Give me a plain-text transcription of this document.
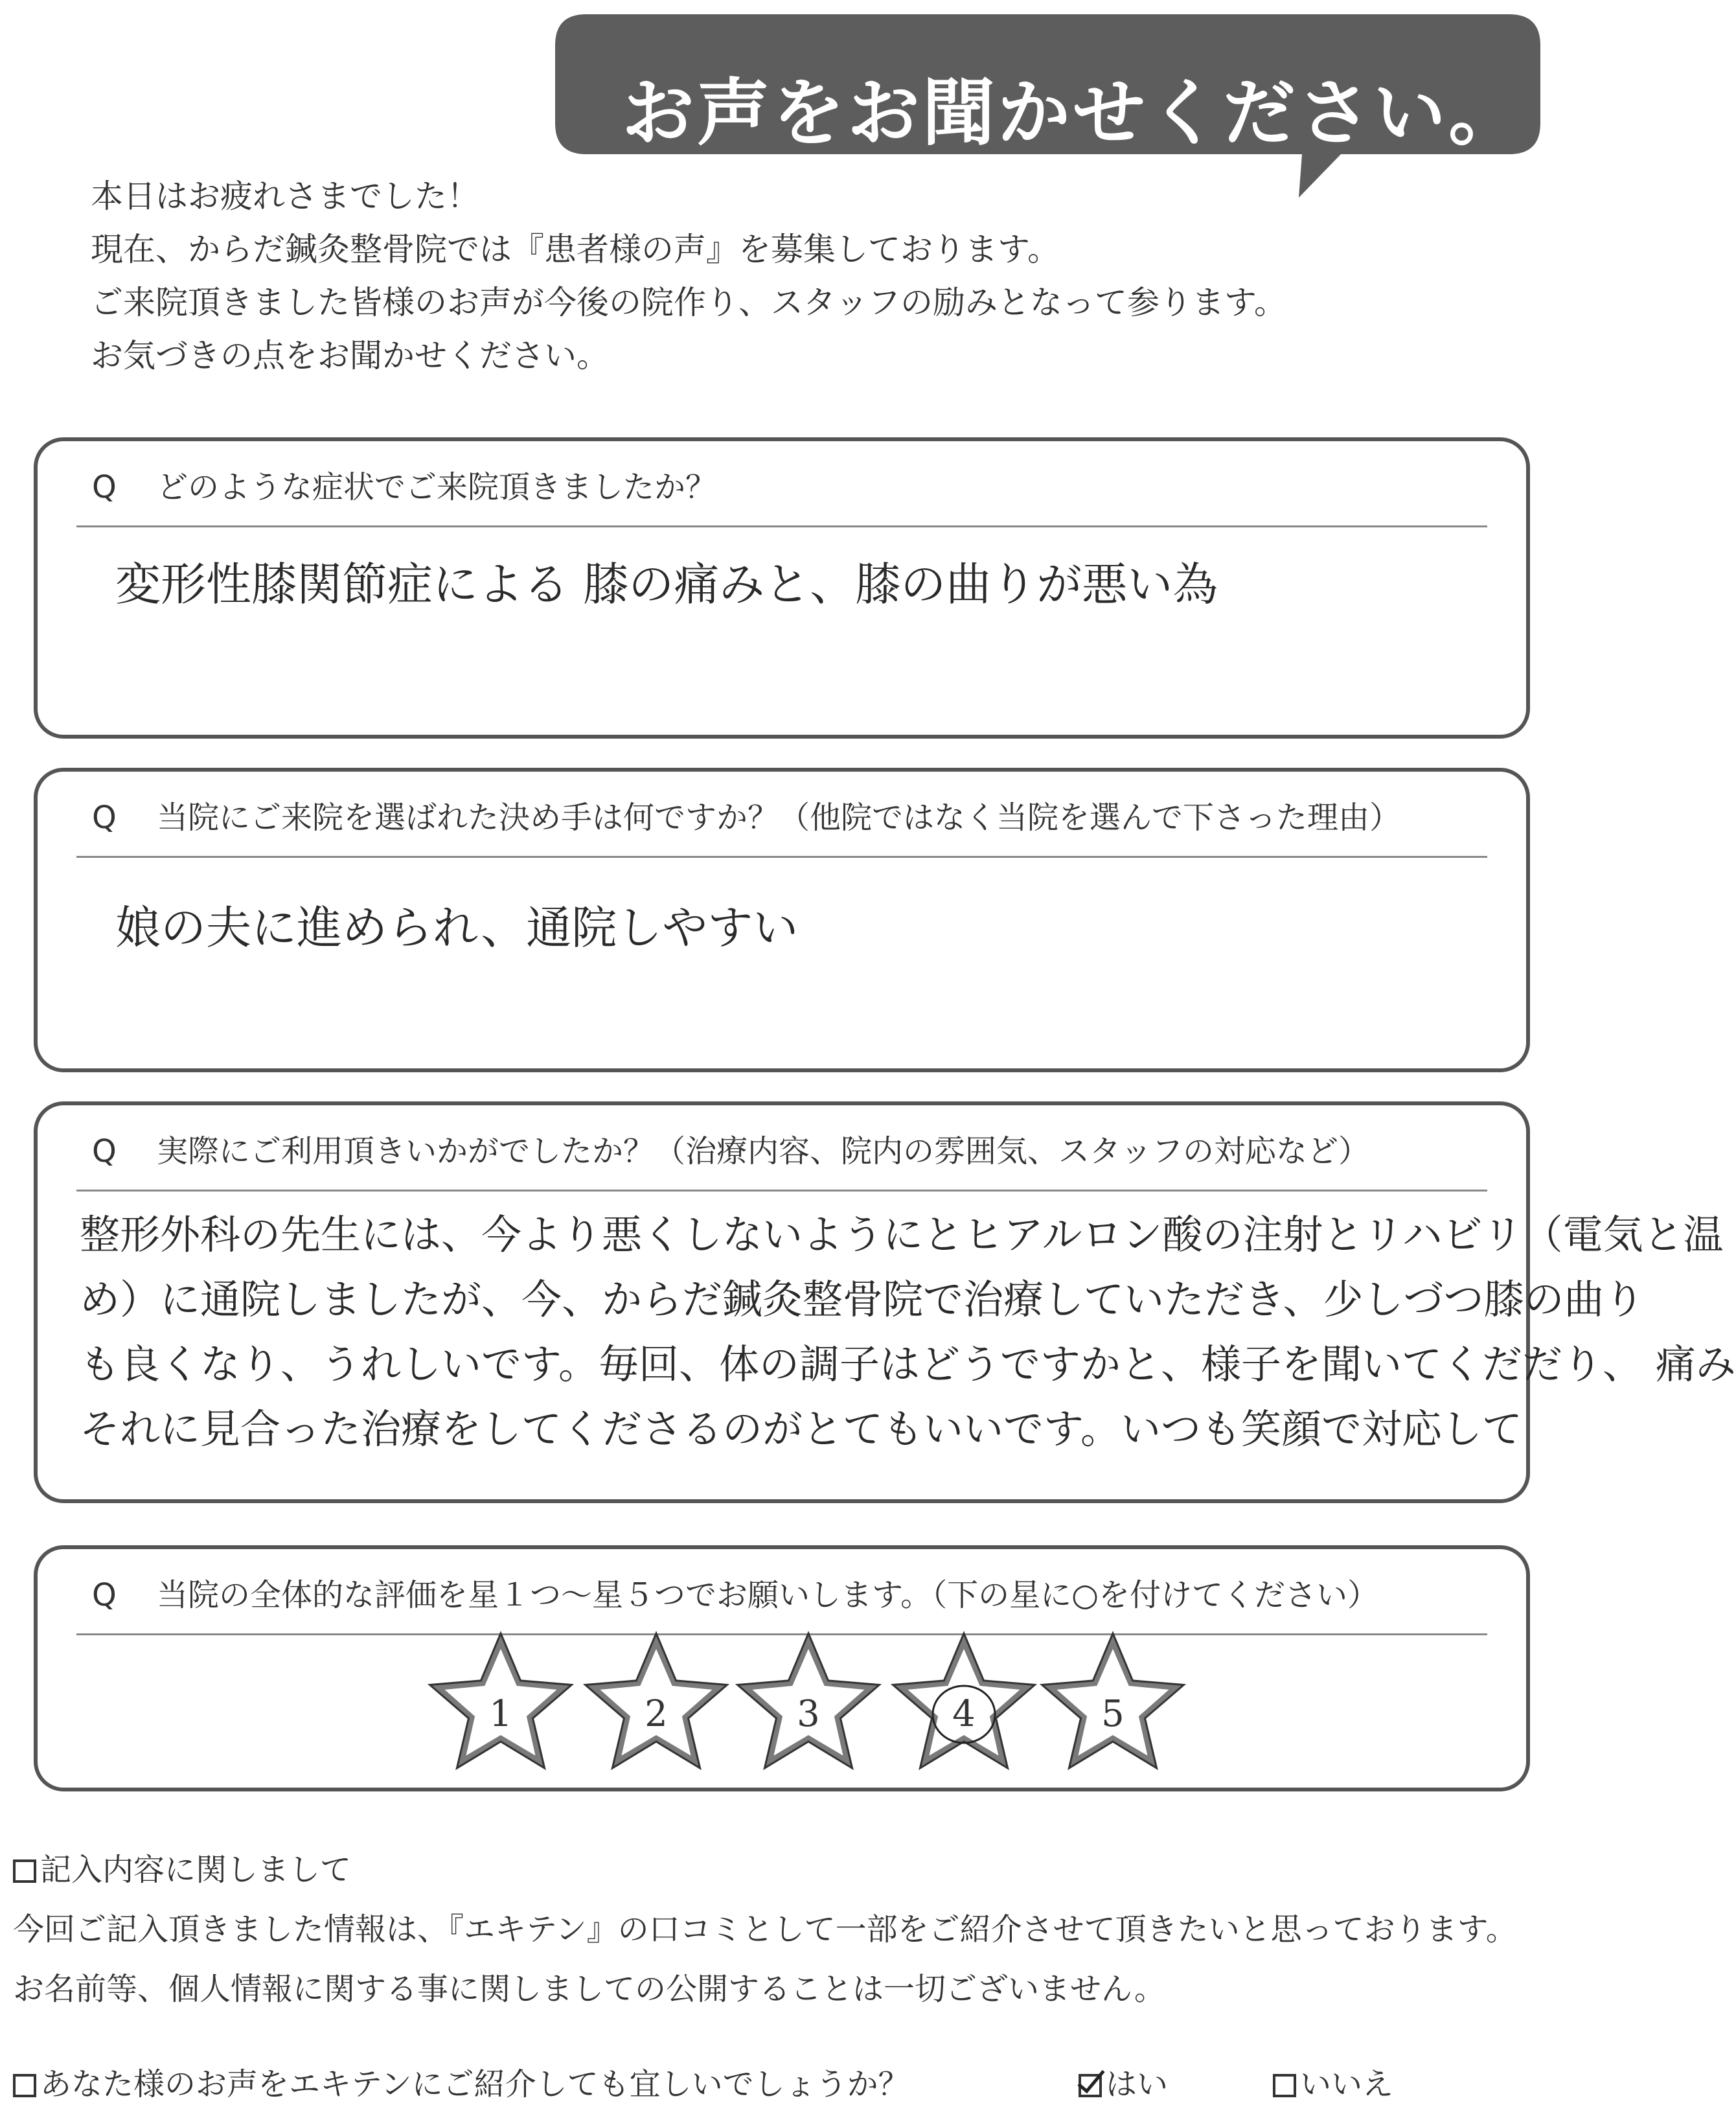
お声をお聞かせください。
本日はお疲れさまでした！
現在、からだ鍼灸整骨院では『患者様の声』を募集しております。
ご来院頂きました皆様のお声が今後の院作り、スタッフの励みとなって参ります。
お気づきの点をお聞かせください。
Q どのような症状でご来院頂きましたか？
変形性膝関節症による 膝の痛みと、膝の曲りが悪い為
Q 当院にご来院を選ばれた決め手は何ですか？（他院ではなく当院を選んで下さった理由）
娘の夫に進められ、通院しやすい
Q 実際にご利用頂きいかがでしたか？（治療内容、院内の雰囲気、スタッフの対応など）
整形外科の先生には、今より悪くしないようにとヒアルロン酸の注射とリハビリ（電気と温
め）に通院しましたが、今、からだ鍼灸整骨院で治療していただき、少しづつ膝の曲り
も良くなり、うれしいです。毎回、体の調子はどうですかと、様子を聞いてくだだり、 痛み
それに見合った治療をしてくださるのがとてもいいです。いつも笑顔で対応して
Q 当院の全体的な評価を星１つ～星５つでお願いします。（下の星に○を付けてください）
1	2	3	4	5
記入内容に関しまして
今回ご記入頂きました情報は、『エキテン』の口コミとして一部をご紹介させて頂きたいと思っております。
お名前等、個人情報に関する事に関しましての公開することは一切ございません。
あなた様のお声をエキテンにご紹介しても宜しいでしょうか？	はい	いいえ
